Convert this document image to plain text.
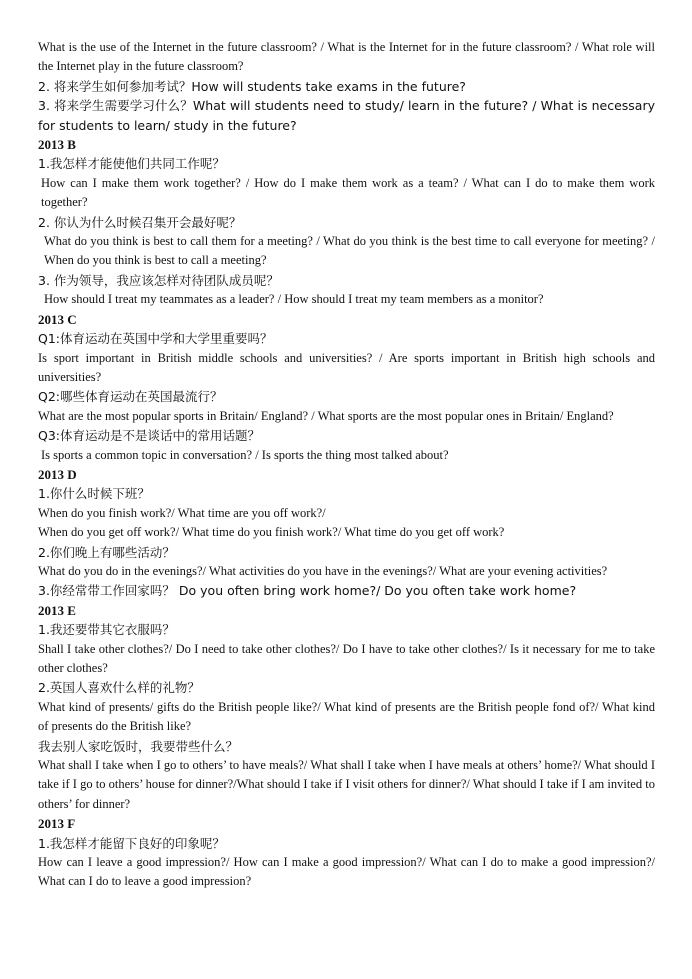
What is the use of the Internet in the future classroom? / What is the Internet for in the future classroom? / What role will the Internet play in the future classroom?

2. 将来学生如何参加考试？How will students take exams in the future?

3. 将来学生需要学习什么？What will students need to study/ learn in the future? / What is necessary for students to learn/ study in the future?

2013 B

1.我怎样才能使他们共同工作呢？

How can I make them work together? / How do I make them work as a team? / What can I do to make them work together?

2. 你认为什么时候召集开会最好呢？

What do you think is best to call them for a meeting? / What do you think is the best time to call everyone for meeting? / When do you think is best to call a meeting?

3. 作为领导，我应该怎样对待团队成员呢？

How should I treat my teammates as a leader? / How should I treat my team members as a monitor?

2013 C

Q1:体育运动在英国中学和大学里重要吗？

Is sport important in British middle schools and universities? / Are sports important in British high schools and universities?

Q2:哪些体育运动在英国最流行？

What are the most popular sports in Britain/ England? / What sports are the most popular ones in Britain/ England?

Q3:体育运动是不是谈话中的常用话题？

Is sports a common topic in conversation? / Is sports the thing most talked about?

2013 D

1.你什么时候下班？

When do you finish work?/ What time are you off work?/

When do you get off work?/ What time do you finish work?/ What time do you get off work?

2.你们晚上有哪些活动？

What do you do in the evenings?/ What activities do you have in the evenings?/ What are your evening activities?

3.你经常带工作回家吗？ Do you often bring work home?/ Do you often take work home?

2013 E

1.我还要带其它衣服吗？

Shall I take other clothes?/ Do I need to take other clothes?/ Do I have to take other clothes?/ Is it necessary for me to take other clothes?

2.英国人喜欢什么样的礼物？

What kind of presents/ gifts do the British people like?/ What kind of presents are the British people fond of?/ What kind of presents do the British like?

我去别人家吃饭时，我要带些什么？

What shall I take when I go to others’ to have meals?/ What shall I take when I have meals at others’ home?/ What should I take if I go to others’ house for dinner?/What should I take if I visit others for dinner?/ What should I take if I am invited to others’ for dinner?

2013 F

1.我怎样才能留下良好的印象呢？

How can I leave a good impression?/ How can I make a good impression?/ What can I do to make a good impression?/ What can I do to leave a good impression?
